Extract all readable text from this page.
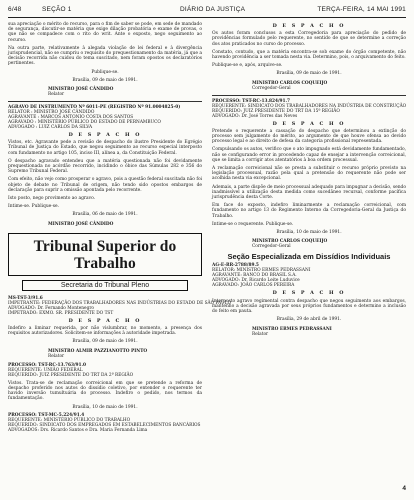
6/48	SEÇÃO 1	DIÁRIO DA JUSTIÇA	TERÇA-FEIRA, 14 MAI 1991

sua apreciação o mérito do recurso, para o fim de saber se pode, em sede de mandado de segurança, discutir-se matéria que exige dilação probatória e exame de provas, o que não se compadece com o rito do writ. Ante o exposto, nego seguimento ao recurso.

Na outra parte, relativamente à alegada violação de lei federal e à divergência jurisprudencial, não se cumpriu o requisito do prequestionamento da matéria, já que a decisão recorrida não cuidou do tema suscitado, nem foram opostos os declaratórios pertinentes.

Publique-se.

Brasília, 09 de maio de 1991.

MINISTRO JOSÉ CÂNDIDO
Relator
AGRAVO DE INSTRUMENTO Nº 6011-PE (REGISTRO Nº 91.0004825-0)
RELATOR : MINISTRO JOSÉ CÂNDIDO
AGRAVANTE : MARCOS ANTONIO COSTA DOS SANTOS
AGRAVADO : MINISTÉRIO PÚBLICO DO ESTADO DE PERNAMBUCO
ADVOGADO : LUIZ CARLOS DA SILVA
D E S P A C H O

Vistos, etc. Agravante pede a revisão de despacho do ilustre Presidente do Egrégio Tribunal de Justiça do Estado, que negou seguimento ao recurso especial interposto com fundamento no artigo 105, inciso III, alínea a, da Constituição Federal.

O despacho agravado entendeu que a matéria questionada não foi devidamente prequestionada no acórdão recorrido, incidindo o óbice das Súmulas 282 e 356 do Supremo Tribunal Federal.

Com efeito, não vejo como prosperar o agravo, pois a questão federal suscitada não foi objeto de debate no Tribunal de origem, não tendo sido opostos embargos de declaração para suprir a omissão apontada pelo recorrente.

Isto posto, nego provimento ao agravo.

Intime-se. Publique-se.

Brasília, 06 de maio de 1991.

MINISTRO JOSÉ CÂNDIDO
Tribunal Superior do Trabalho
Secretaria do Tribunal Pleno
MS-TST-3/91.6
IMPETRANTE: FEDERAÇÃO DOS TRABALHADORES NAS INDÚSTRIAS DO ESTADO DE SÃO PAULO
ADVOGADO: Dr. Fernando Montenegro
IMPETRADO: EXMO. SR. PRESIDENTE DO TST
D E S P A C H O

Indefiro a liminar requerida, por não vislumbrar, no momento, a presença dos requisitos autorizadores. Solicitem-se informações à autoridade impetrada.

Brasília, 09 de maio de 1991.

MINISTRO ALMIR PAZZIANOTTO PINTO
Relator
PROCESSO: TST-RC-13.763/91.0
REQUERENTE: UNIÃO FEDERAL
REQUERIDO: JUIZ PRESIDENTE DO TRT DA 2ª REGIÃO

Vistos. Trata-se de reclamação correicional em que se pretende a reforma de despacho proferido nos autos do dissídio coletivo, por entender o requerente ter havido inversão tumultuária do processo. Indefiro o pedido, nos termos da fundamentação.

Brasília, 10 de maio de 1991.

PROCESSO: TST-MC-5.224/91.4
REQUERENTE: MINISTÉRIO PÚBLICO DO TRABALHO
REQUERIDO: SINDICATO DOS EMPREGADOS EM ESTABELECIMENTOS BANCÁRIOS
ADVOGADOS: Drs. Ricardo Santos e Dra. Maria Fernanda Lima
D E S P A C H O

Os autos foram conclusos a esta Corregedoria para apreciação do pedido de providências formulado pelo requerente, no sentido de que se determine a correção dos atos praticados no curso do processo.

Constato, contudo, que a matéria encontra-se sob exame do órgão competente, não havendo providência a ser tomada nesta via. Determino, pois, o arquivamento do feito.

Publique-se e, após, arquive-se.

Brasília, 09 de maio de 1991.

MINISTRO CARLOS COQUEIJO
Corregedor-Geral
PROCESSO: TST-RC-13.824/91.7
REQUERENTE: SINDICATO DOS TRABALHADORES NA INDÚSTRIA DE CONSTRUÇÃO
REQUERIDO: JUIZ PRESIDENTE DO TRT DA 15ª REGIÃO
ADVOGADO: Dr. José Torres das Neves
D E S P A C H O

Pretende o requerente a cassação do despacho que determinou a extinção do processo sem julgamento do mérito, ao argumento de que houve ofensa ao devido processo legal e ao direito de defesa da categoria profissional representada.

Compulsando os autos, verifico que o ato impugnado está devidamente fundamentado, não se configurando error in procedendo capaz de ensejar a intervenção correicional, que se limita a corrigir atos atentatórios à boa ordem processual.

A reclamação correicional não se presta a substituir o recurso próprio previsto na legislação processual, razão pela qual a pretensão do requerente não pode ser acolhida nesta via excepcional.

Ademais, a parte dispõe de meio processual adequado para impugnar a decisão, sendo inadmissível a utilização desta medida como sucedâneo recursal, conforme pacífica jurisprudência desta Corte.

Em face do exposto, indefiro liminarmente a reclamação correicional, com fundamento no artigo 13 do Regimento Interno da Corregedoria-Geral da Justiça do Trabalho.

Intime-se o requerente. Publique-se.

Brasília, 10 de maio de 1991.

MINISTRO CARLOS COQUEIJO
Corregedor-Geral
Seção Especializada em Dissídios Individuais
AG-E-RR-2788/89.5
RELATOR: MINISTRO ERMES PEDRASSANI
AGRAVANTE: BANCO DO BRASIL S.A.
ADVOGADO: Dr. Ricardo Leite Luduvice
AGRAVADO: JOÃO CARLOS PEREIRA
D E S P A C H O

Interposto agravo regimental contra despacho que negou seguimento aos embargos, mantenho a decisão agravada por seus próprios fundamentos e determino a inclusão do feito em pauta.

Brasília, 29 de abril de 1991.

MINISTRO ERMES PEDRASSANI
Relator
4
